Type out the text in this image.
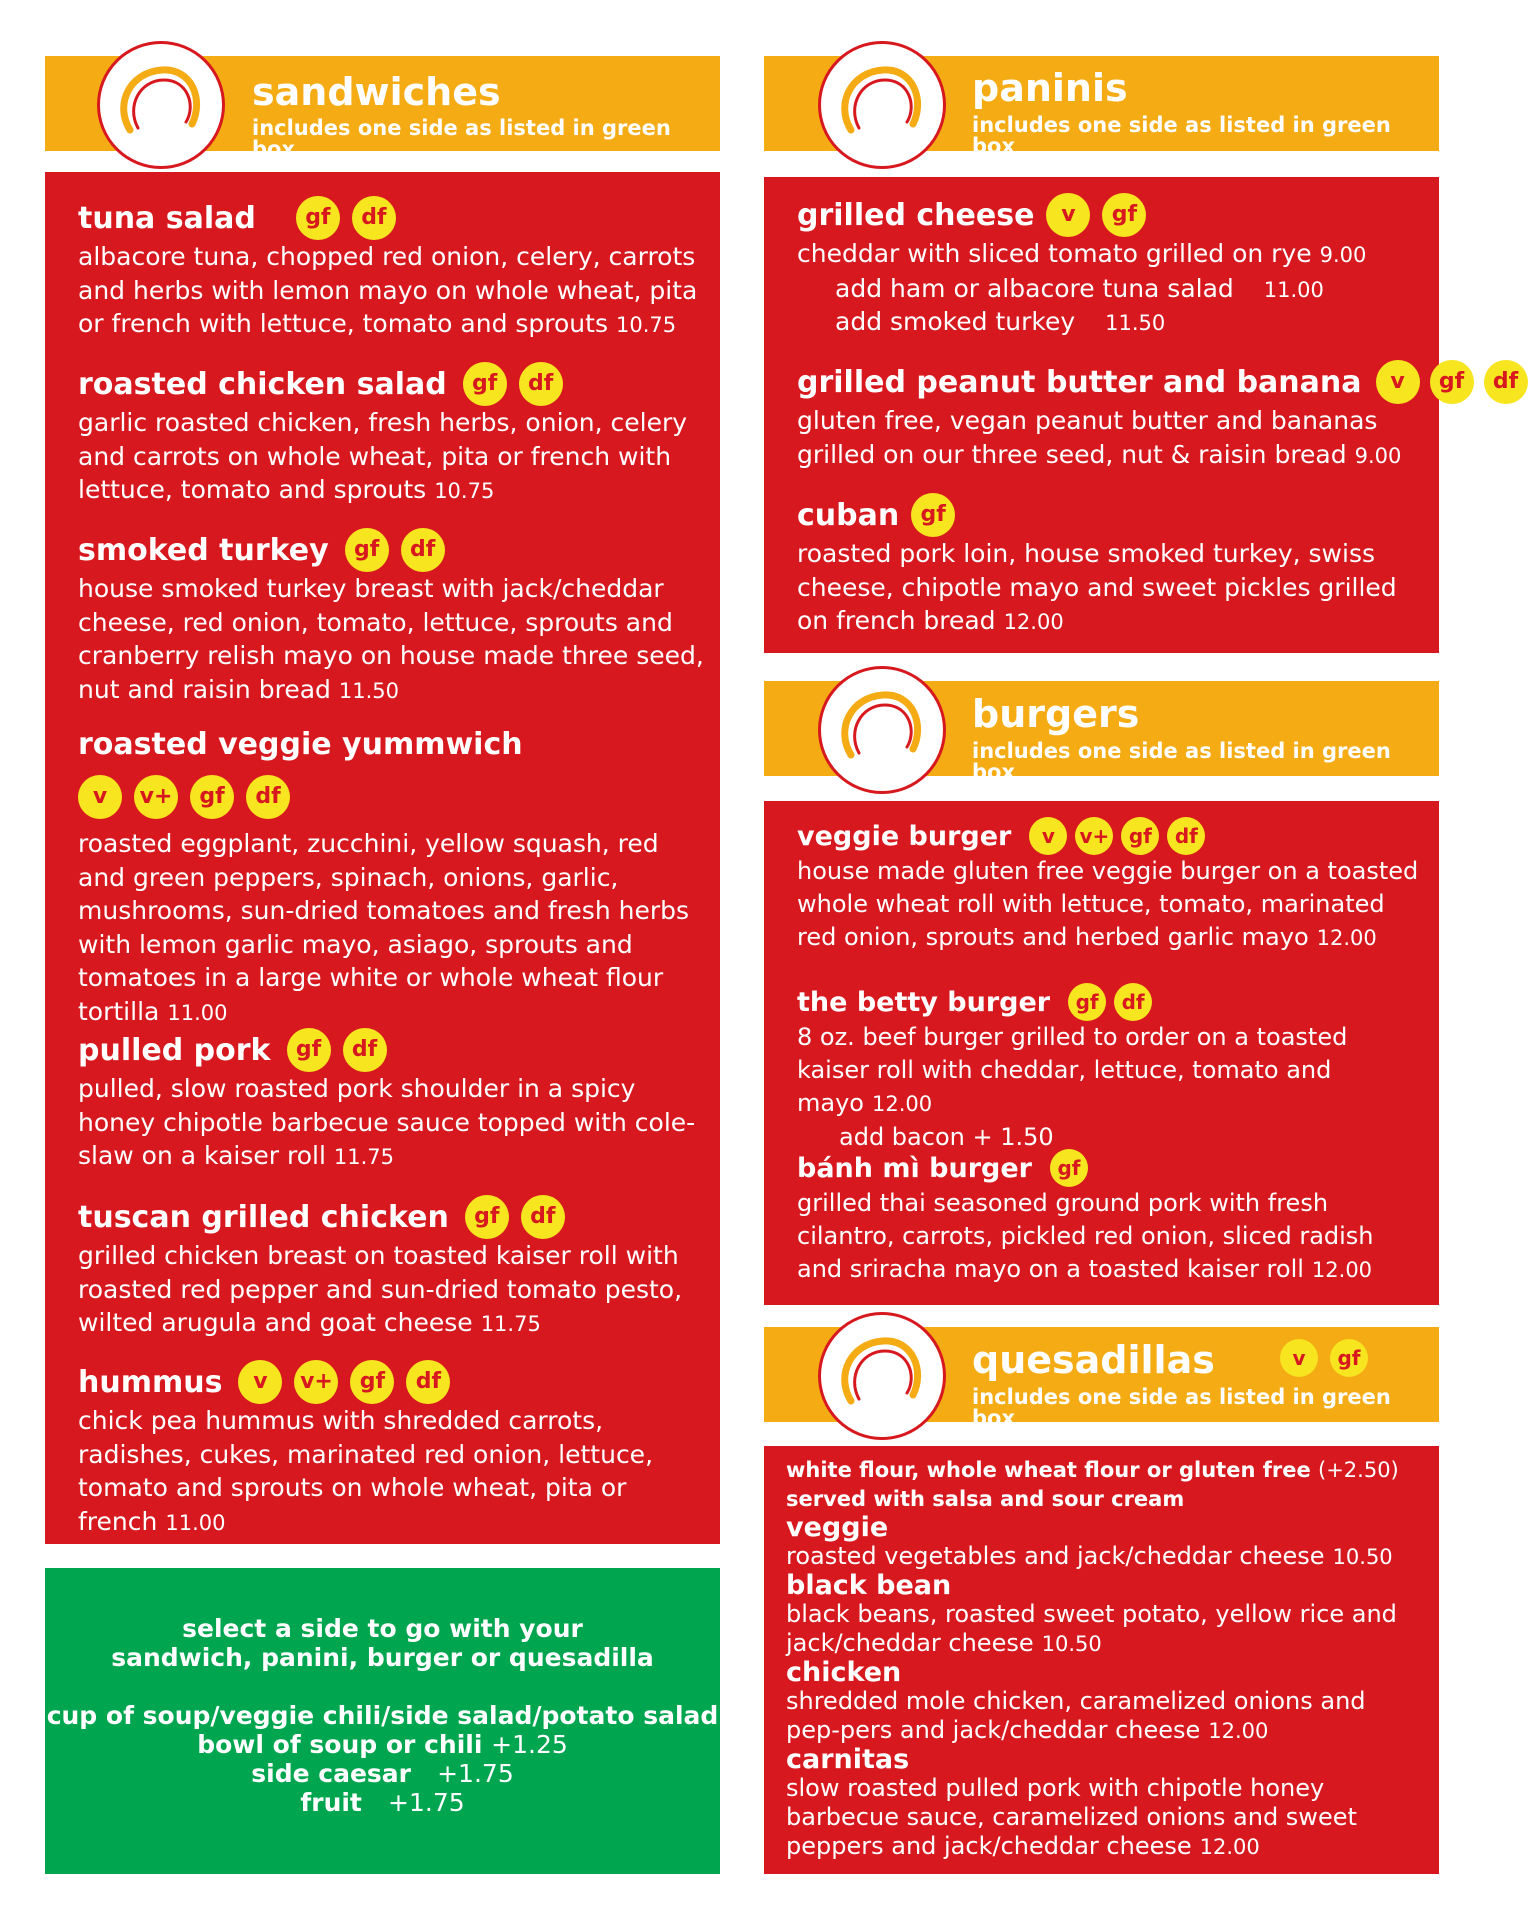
sandwiches
includes one side as listed in green box
tuna salad	gf	df
albacore tuna, chopped red onion, celery, carrots and herbs with lemon mayo on whole wheat, pita or french with lettuce, tomato and sprouts 10.75
roasted chicken salad	gf	df
garlic roasted chicken, fresh herbs, onion, celery and carrots on whole wheat, pita or french with lettuce, tomato and sprouts 10.75
smoked turkey	gf	df
house smoked turkey breast with jack/cheddar cheese, red onion, tomato, lettuce, sprouts and cranberry relish mayo on house made three seed, nut and raisin bread 11.50
roasted veggie yummwich
v	v+	gf	df
roasted eggplant, zucchini, yellow squash, red and green peppers, spinach, onions, garlic, mushrooms, sun-dried tomatoes and fresh herbs with lemon garlic mayo, asiago, sprouts and tomatoes in a large white or whole wheat flour tortilla 11.00
pulled pork	gf	df
pulled, slow roasted pork shoulder in a spicy honey chipotle barbecue sauce topped with cole-slaw on a kaiser roll 11.75
tuscan grilled chicken	gf	df
grilled chicken breast on toasted kaiser roll with roasted red pepper and sun-dried tomato pesto, wilted arugula and goat cheese 11.75
hummus	v	v+	gf	df
chick pea hummus with shredded carrots, radishes, cukes, marinated red onion, lettuce, tomato and sprouts on whole wheat, pita or french 11.00
select a side to go with your
sandwich, panini, burger or quesadilla
cup of soup/veggie chili/side salad/potato salad
bowl of soup or chili +1.25
side caesar +1.75
fruit +1.75
paninis
includes one side as listed in green box
grilled cheese	v	gf
cheddar with sliced tomato grilled on rye 9.00
add ham or albacore tuna salad 11.00
add smoked turkey 11.50
grilled peanut butter and banana	v	gf	df
gluten free, vegan peanut butter and bananas grilled on our three seed, nut & raisin bread 9.00
cuban gf
roasted pork loin, house smoked turkey, swiss cheese, chipotle mayo and sweet pickles grilled on french bread 12.00
burgers
includes one side as listed in green box
veggie burger	v	v+ gf	df
house made gluten free veggie burger on a toasted whole wheat roll with lettuce, tomato, marinated red onion, sprouts and herbed garlic mayo 12.00
the betty burger	gf	df
8 oz. beef burger grilled to order on a toasted kaiser roll with cheddar, lettuce, tomato and mayo 12.00
add bacon + 1.50
bánh mì burger	gf
grilled thai seasoned ground pork with fresh cilantro, carrots, pickled red onion, sliced radish and sriracha mayo on a toasted kaiser roll 12.00
quesadillas
includes one side as listed in green box
v	gf
white flour, whole wheat flour or gluten free (+2.50)
served with salsa and sour cream
veggie
roasted vegetables and jack/cheddar cheese 10.50
black bean
black beans, roasted sweet potato, yellow rice and jack/cheddar cheese 10.50
chicken
shredded mole chicken, caramelized onions and pep-pers and jack/cheddar cheese 12.00
carnitas
slow roasted pulled pork with chipotle honey barbecue sauce, caramelized onions and sweet peppers and jack/cheddar cheese 12.00
